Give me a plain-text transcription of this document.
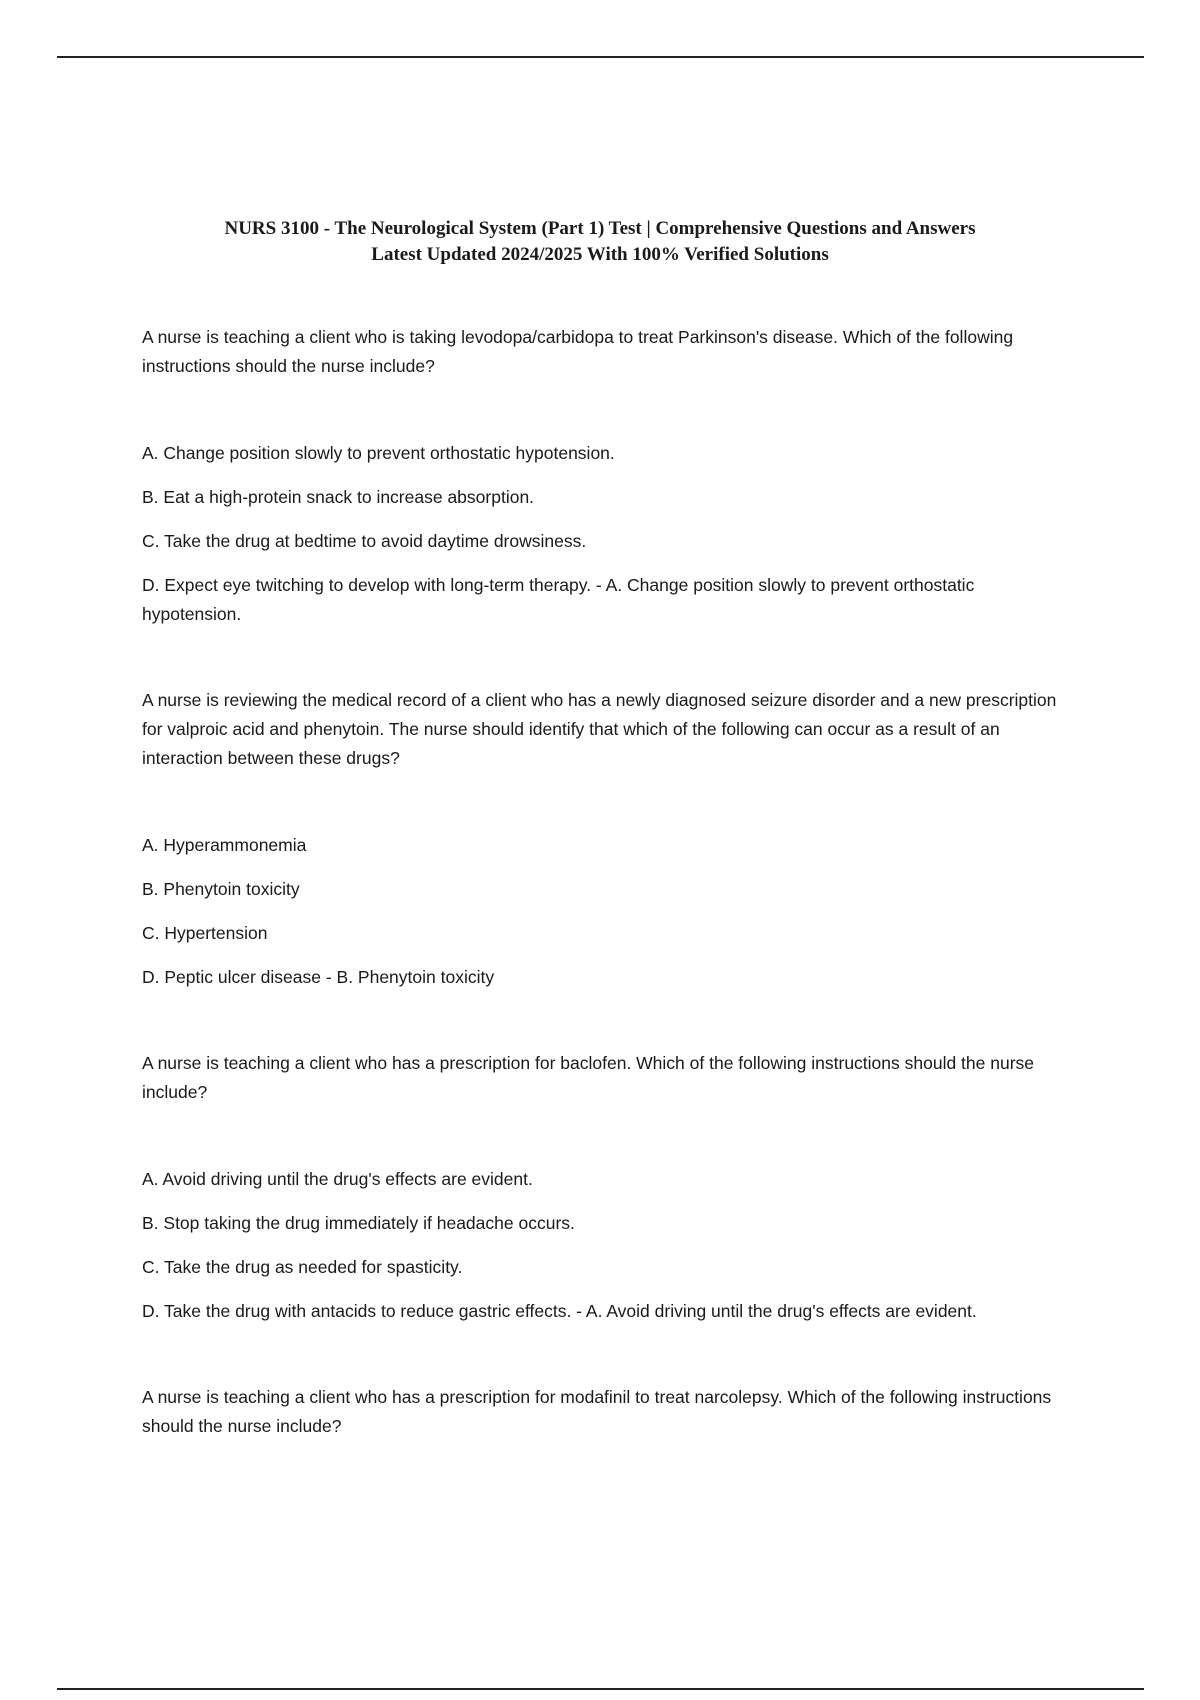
NURS 3100 - The Neurological System (Part 1) Test | Comprehensive Questions and Answers
Latest Updated 2024/2025 With 100% Verified Solutions

A nurse is teaching a client who is taking levodopa/carbidopa to treat Parkinson's disease. Which of the following instructions should the nurse include?

A. Change position slowly to prevent orthostatic hypotension.

B. Eat a high-protein snack to increase absorption.

C. Take the drug at bedtime to avoid daytime drowsiness.

D. Expect eye twitching to develop with long-term therapy. - A. Change position slowly to prevent orthostatic hypotension.

A nurse is reviewing the medical record of a client who has a newly diagnosed seizure disorder and a new prescription for valproic acid and phenytoin. The nurse should identify that which of the following can occur as a result of an interaction between these drugs?

A. Hyperammonemia

B. Phenytoin toxicity

C. Hypertension

D. Peptic ulcer disease - B. Phenytoin toxicity

A nurse is teaching a client who has a prescription for baclofen. Which of the following instructions should the nurse include?

A. Avoid driving until the drug's effects are evident.

B. Stop taking the drug immediately if headache occurs.

C. Take the drug as needed for spasticity.

D. Take the drug with antacids to reduce gastric effects. - A. Avoid driving until the drug's effects are evident.

A nurse is teaching a client who has a prescription for modafinil to treat narcolepsy. Which of the following instructions should the nurse include?
